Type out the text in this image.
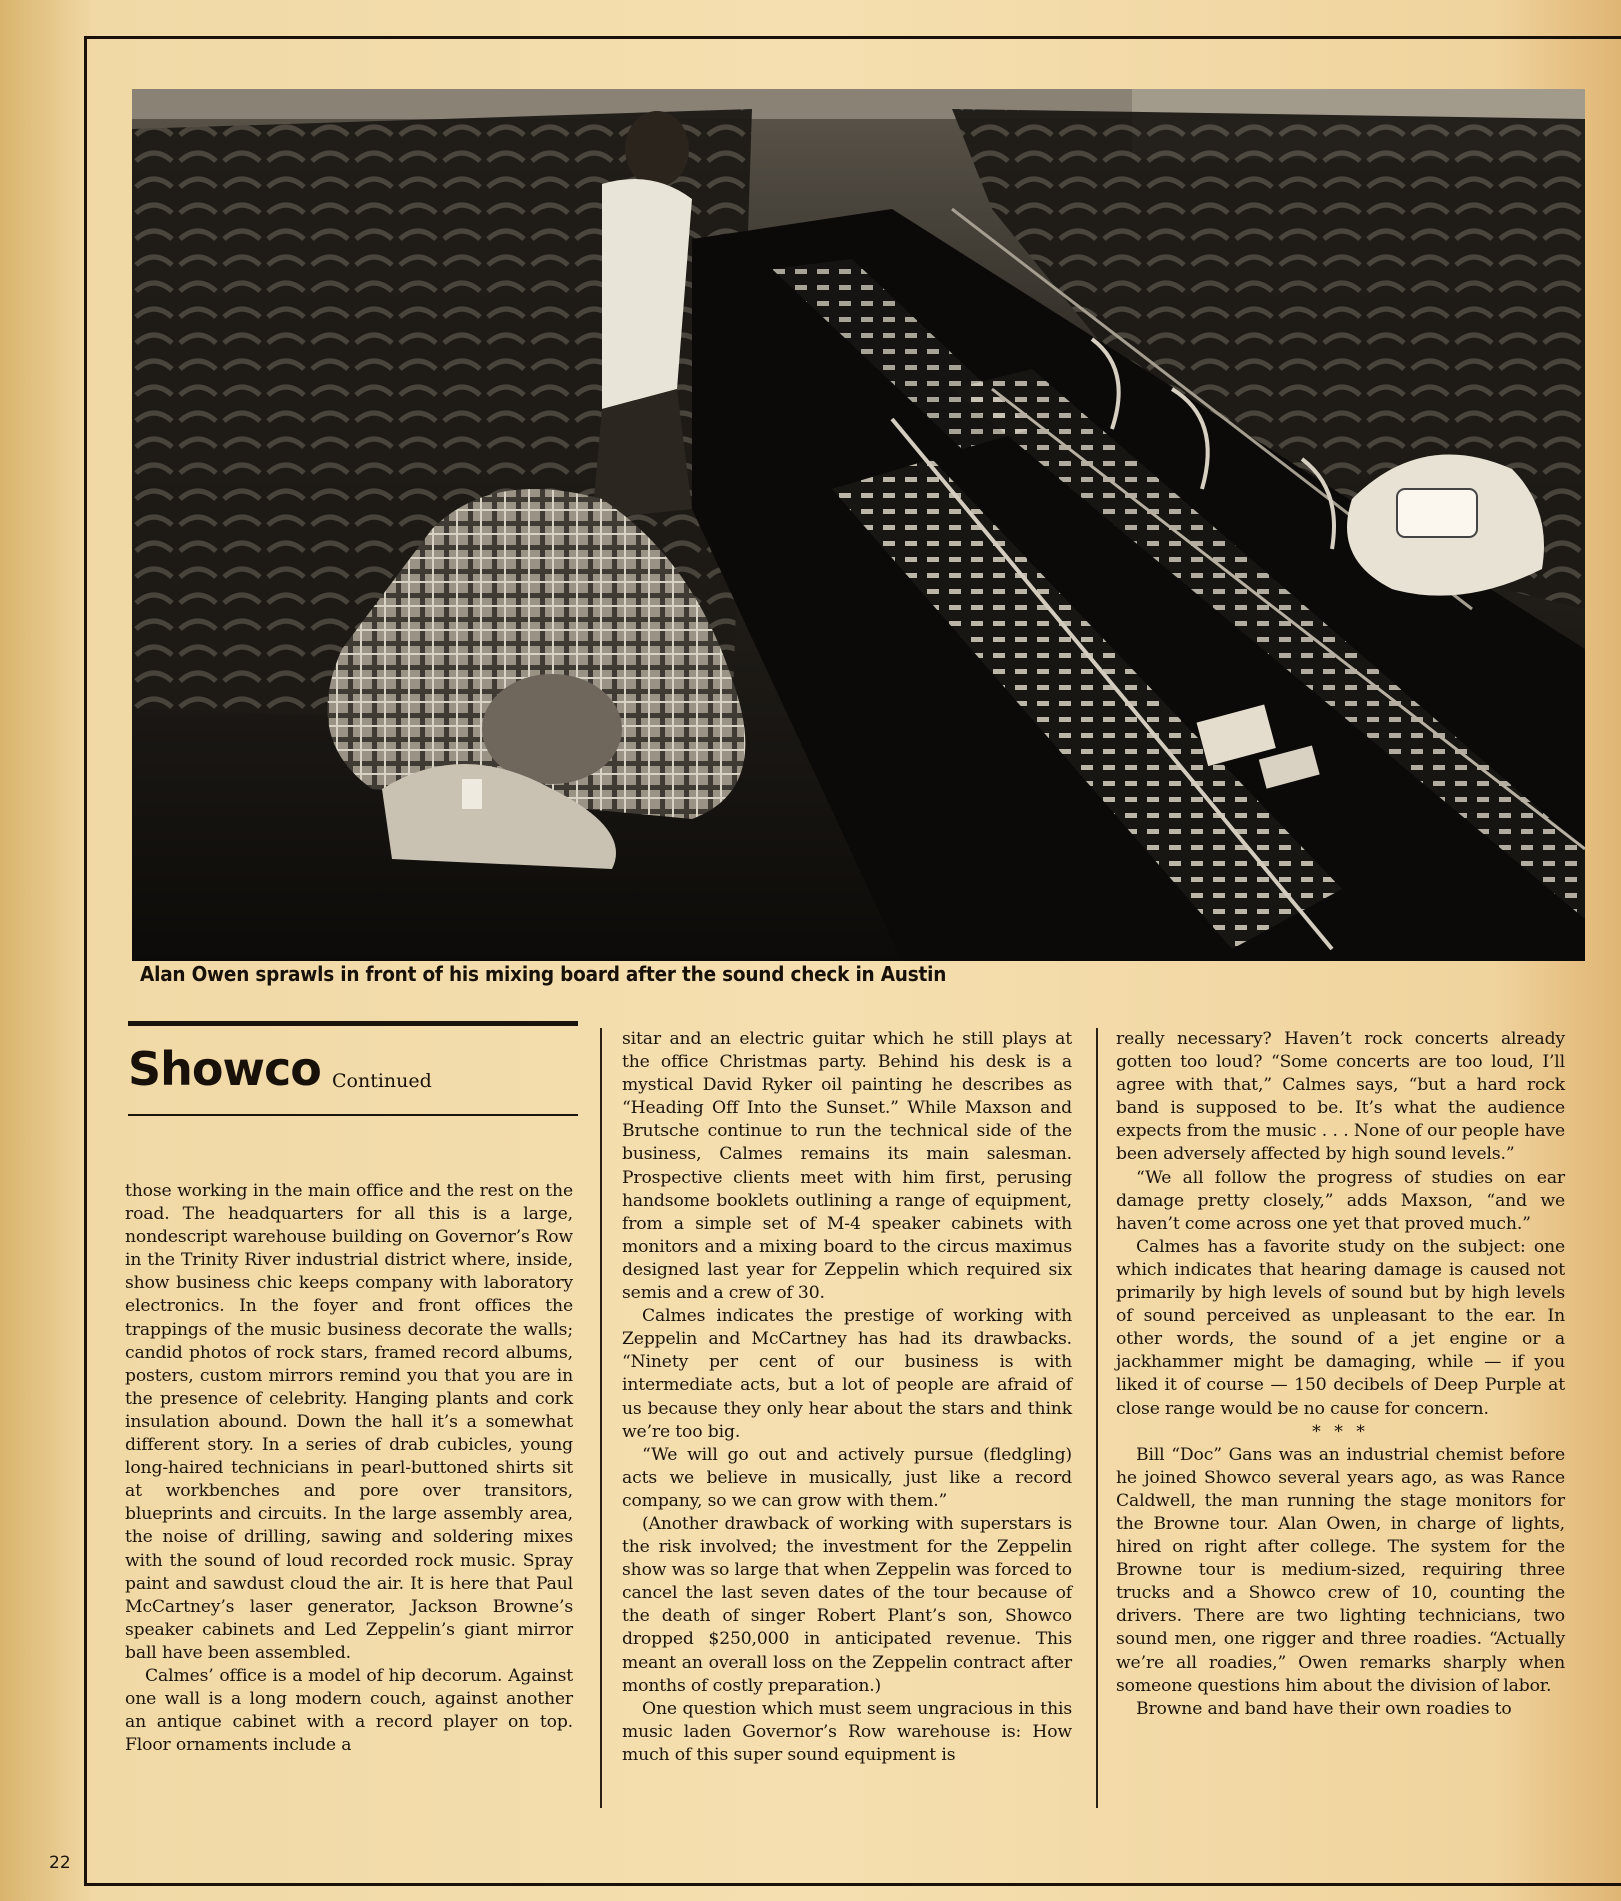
Alan Owen sprawls in front of his mixing board after the sound check in Austin
Showco Continued

those working in the main office and the rest on the road. The headquarters for all this is a large, nondescript warehouse building on Governor’s Row in the Trinity River industrial district where, inside, show business chic keeps company with laboratory electronics. In the foyer and front offices the trappings of the music business decorate the walls; candid photos of rock stars, framed record albums, posters, custom mirrors remind you that you are in the presence of celebrity. Hanging plants and cork insulation abound. Down the hall it’s a somewhat different story. In a series of drab cubicles, young long-haired technicians in pearl-buttoned shirts sit at workbenches and pore over transitors, blueprints and circuits. In the large assembly area, the noise of drilling, sawing and soldering mixes with the sound of loud recorded rock music. Spray paint and sawdust cloud the air. It is here that Paul McCartney’s laser generator, Jackson Browne’s speaker cabinets and Led Zeppelin’s giant mirror ball have been assembled.

Calmes’ office is a model of hip decorum. Against one wall is a long modern couch, against another an antique cabinet with a record player on top. Floor ornaments include a

sitar and an electric guitar which he still plays at the office Christmas party. Behind his desk is a mystical David Ryker oil painting he describes as “Heading Off Into the Sunset.” While Maxson and Brutsche continue to run the technical side of the business, Calmes remains its main salesman. Prospective clients meet with him first, perusing handsome booklets outlining a range of equipment, from a simple set of M-4 speaker cabinets with monitors and a mixing board to the circus maximus designed last year for Zeppelin which required six semis and a crew of 30.

Calmes indicates the prestige of working with Zeppelin and McCartney has had its drawbacks. “Ninety per cent of our business is with intermediate acts, but a lot of people are afraid of us because they only hear about the stars and think we’re too big.

“We will go out and actively pursue (fledgling) acts we believe in musically, just like a record company, so we can grow with them.”

(Another drawback of working with superstars is the risk involved; the investment for the Zeppelin show was so large that when Zeppelin was forced to cancel the last seven dates of the tour because of the death of singer Robert Plant’s son, Showco dropped $250,000 in anticipated revenue. This meant an overall loss on the Zeppelin contract after months of costly preparation.)

One question which must seem ungracious in this music laden Governor’s Row warehouse is: How much of this super sound equipment is

really necessary? Haven’t rock concerts already gotten too loud? “Some concerts are too loud, I’ll agree with that,” Calmes says, “but a hard rock band is supposed to be. It’s what the audience expects from the music . . . None of our people have been adversely affected by high sound levels.”

“We all follow the progress of studies on ear damage pretty closely,” adds Maxson, “and we haven’t come across one yet that proved much.”

Calmes has a favorite study on the subject: one which indicates that hearing damage is caused not primarily by high levels of sound but by high levels of sound perceived as unpleasant to the ear. In other words, the sound of a jet engine or a jackhammer might be damaging, while — if you liked it of course — 150 decibels of Deep Purple at close range would be no cause for concern.

* * *

Bill “Doc” Gans was an industrial chemist before he joined Showco several years ago, as was Rance Caldwell, the man running the stage monitors for the Browne tour. Alan Owen, in charge of lights, hired on right after college. The system for the Browne tour is medium-sized, requiring three trucks and a Showco crew of 10, counting the drivers. There are two lighting technicians, two sound men, one rigger and three roadies. “Actually we’re all roadies,” Owen remarks sharply when someone questions him about the division of labor.

Browne and band have their own roadies to

22
